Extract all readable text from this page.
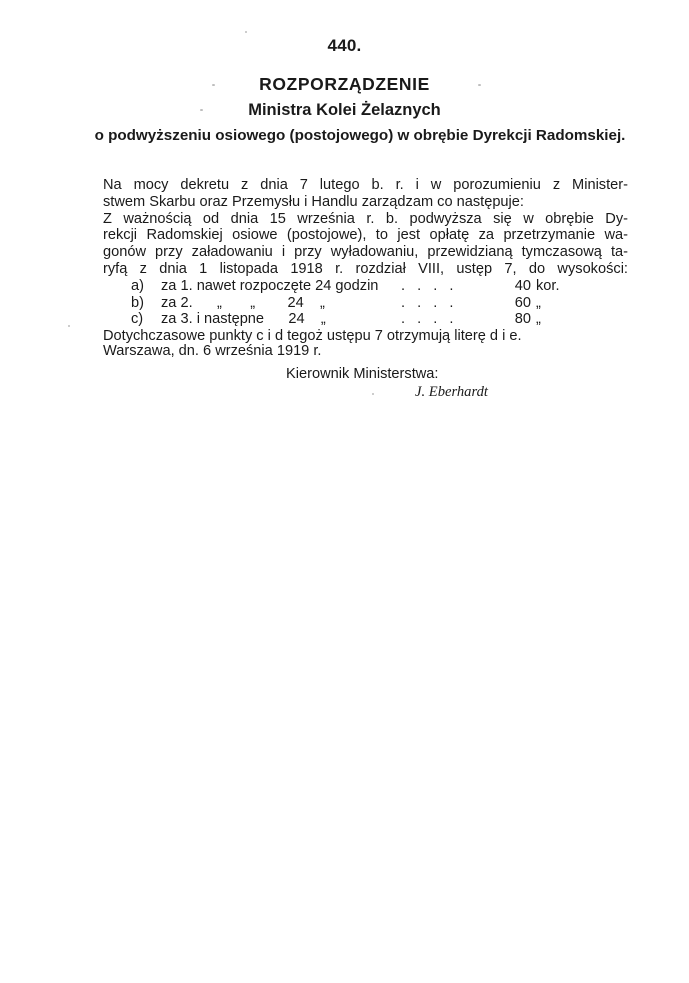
440.
ROZPORZĄDZENIE
Ministra Kolei Żelaznych
o podwyższeniu osiowego (postojowego) w obrębie Dyrekcji Radomskiej.
Na mocy dekretu z dnia 7 lutego b. r. i w porozumieniu z Minister-
stwem Skarbu oraz Przemysłu i Handlu zarządzam co następuje:
Z ważnością od dnia 15 września r. b. podwyższa się w obrębie Dy-
rekcji Radomskiej osiowe (postojowe), to jest opłatę za przetrzymanie wa-
gonów przy załadowaniu i przy wyładowaniu, przewidzianą tymczasową ta-
ryfą z dnia 1 listopada 1918 r. rozdział VIII, ustęp 7, do wysokości:
a)	za 1. nawet rozpoczęte 24 godzin	. . . .	40 kor.
b)	za 2.      „       „        24    „	. . . .	60 „
c)	za 3. i następne      24    „	. . . .	80 „
Dotychczasowe punkty c i d tegoż ustępu 7 otrzymują literę d i e.
Warszawa, dn. 6 września 1919 r.
Kierownik Ministerstwa:
J. Eberhardt
